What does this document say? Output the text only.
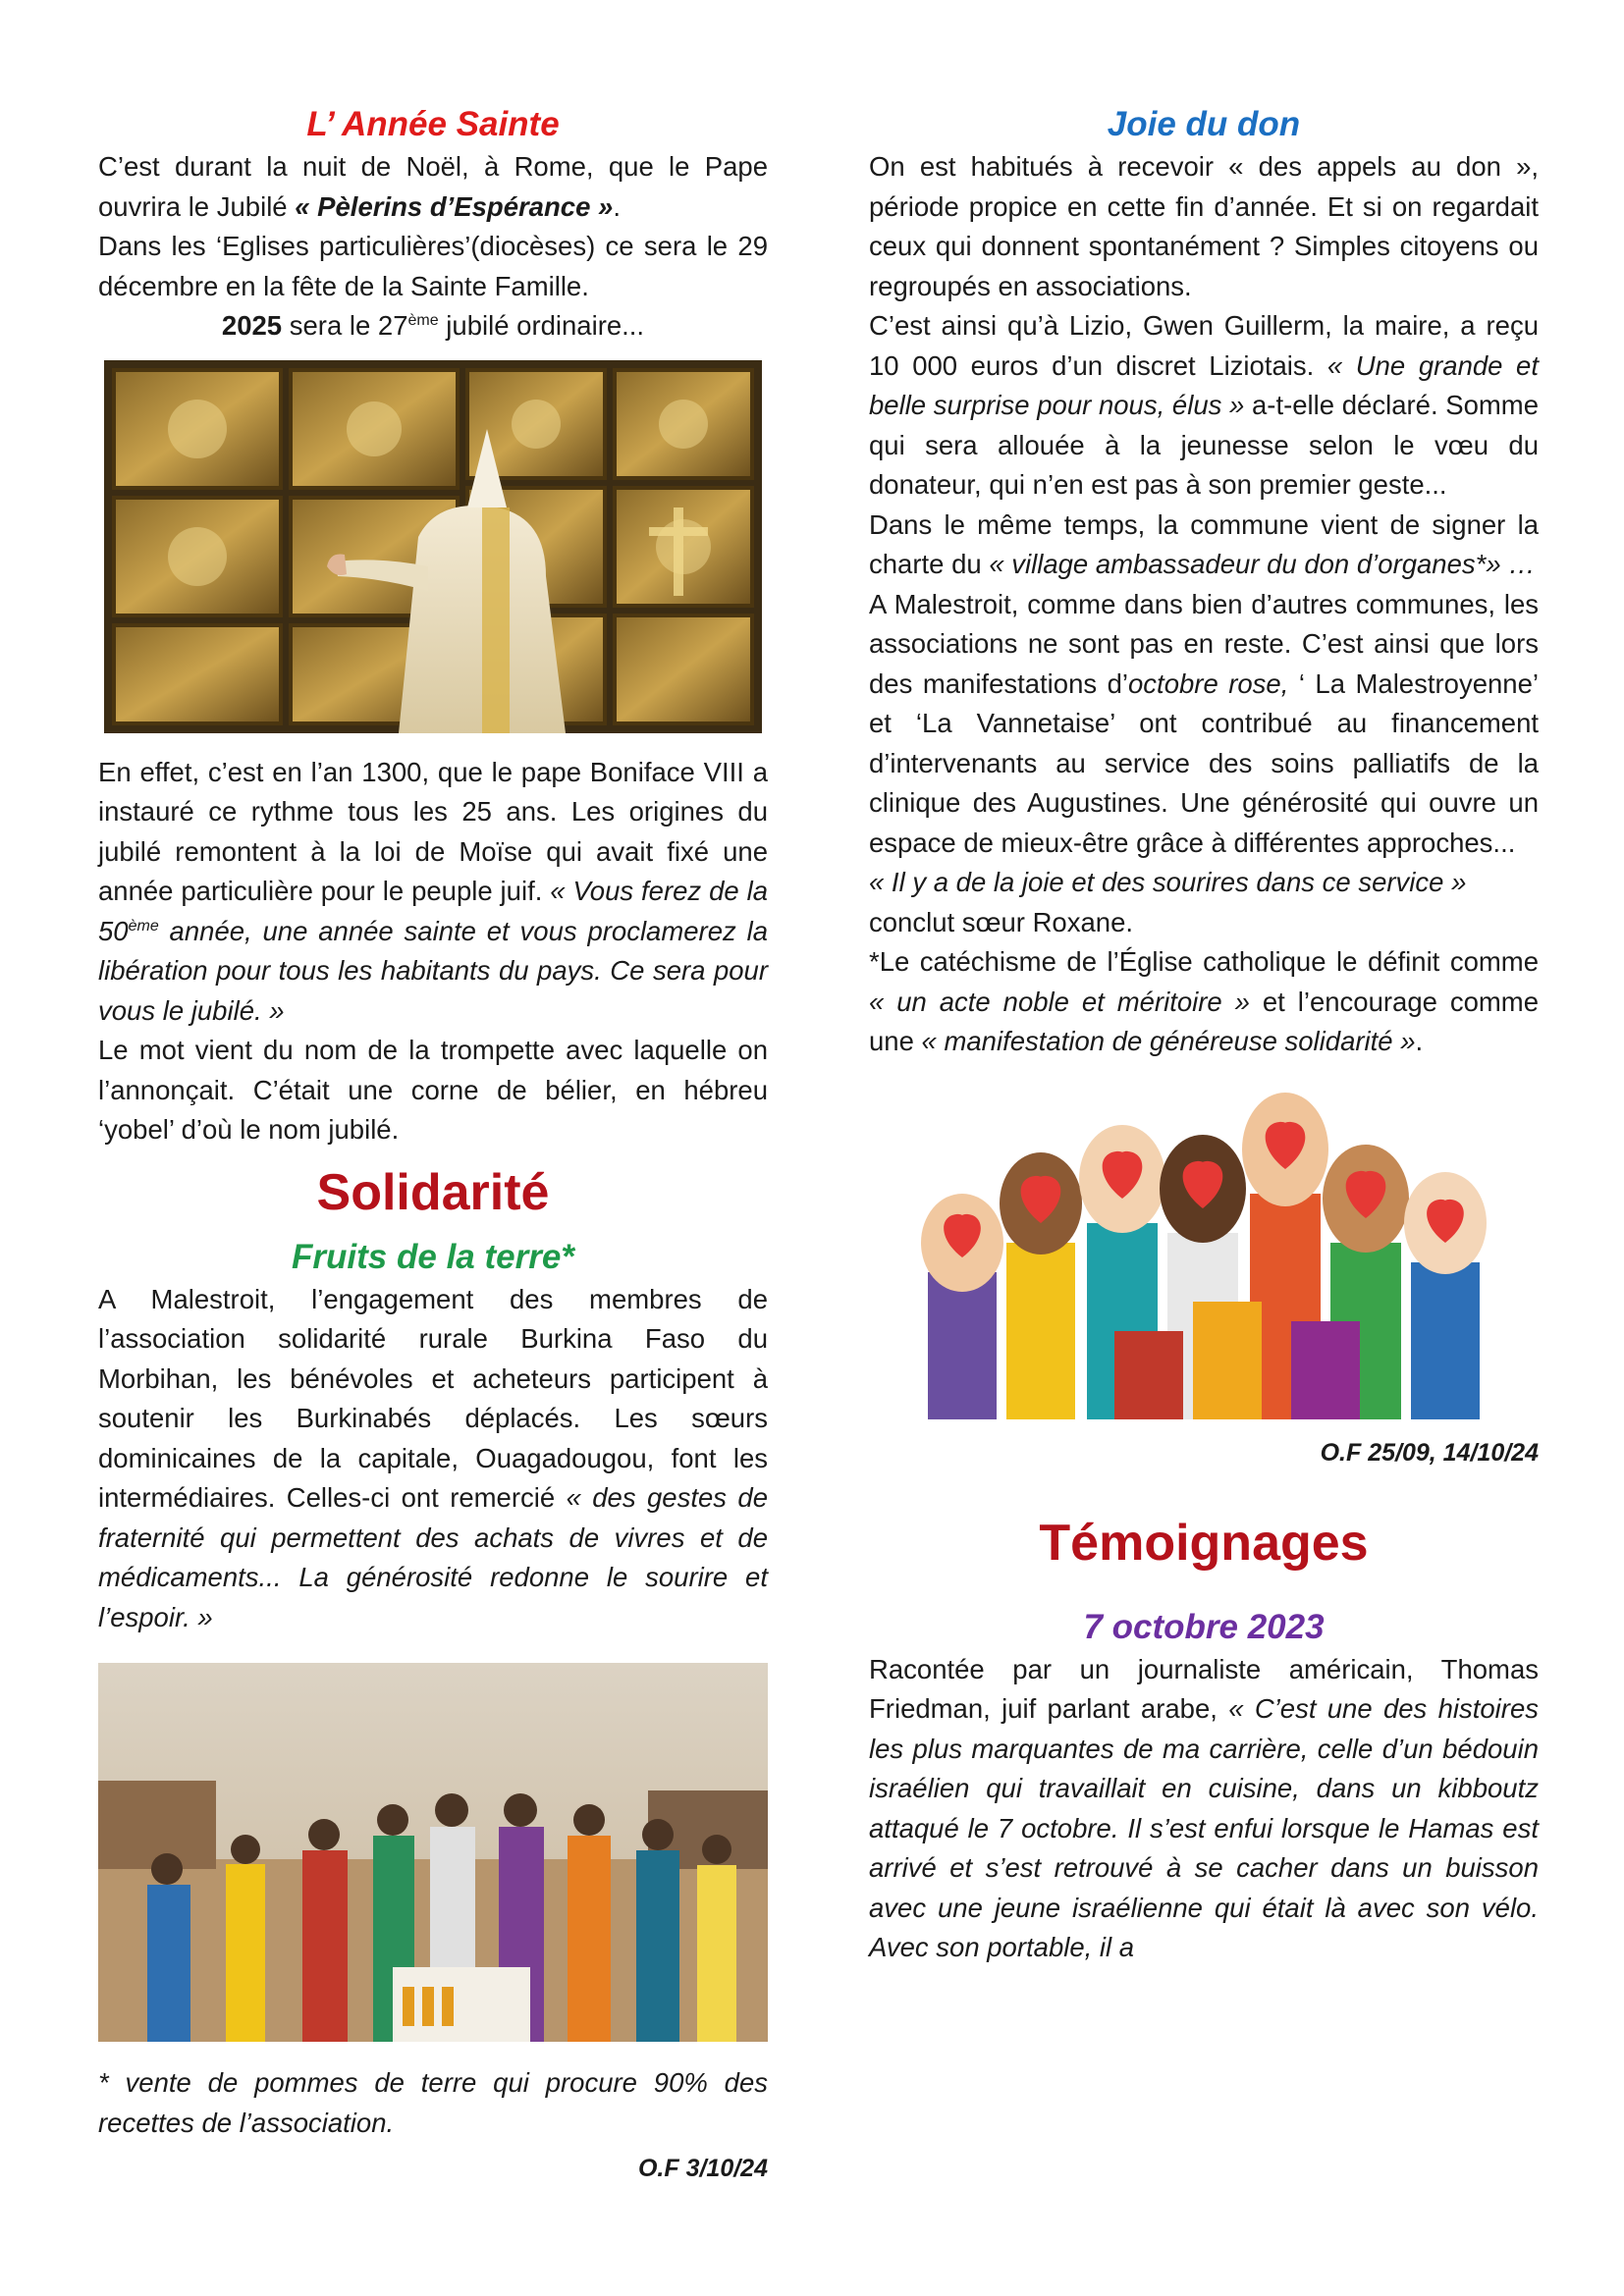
L’ Année Sainte

C’est durant la nuit de Noël, à Rome, que le Pape ouvrira le Jubilé « Pèlerins d’Espérance ».

Dans les ‘Eglises particulières’(diocèses) ce sera le 29 décembre en la fête de la Sainte Famille.

2025 sera le 27ème jubilé ordinaire...

En effet, c’est en l’an 1300, que le pape Boniface VIII a instauré ce rythme tous les 25 ans. Les origines du jubilé remontent à la loi de Moïse qui avait fixé une année particulière pour le peuple juif. « Vous ferez de la 50ème année, une année sainte et vous proclamerez la libération pour tous les habitants du pays. Ce sera pour vous le jubilé. »

Le mot vient du nom de la trompette avec laquelle on l’annonçait. C’était une corne de bélier, en hébreu ‘yobel’ d’où le nom jubilé.

Solidarité
Fruits de la terre*

A Malestroit, l’engagement des membres de l’association solidarité rurale Burkina Faso du Morbihan, les bénévoles et acheteurs participent à soutenir les Burkinabés déplacés. Les sœurs dominicaines de la capitale, Ouagadougou, font les intermédiaires. Celles-ci ont remercié « des gestes de fraternité qui permettent des achats de vivres et de médicaments... La générosité redonne le sourire et l’espoir. »

* vente de pommes de terre qui procure 90% des recettes de l’association.

O.F 3/10/24

Joie du don

On est habitués à recevoir « des appels au don », période propice en cette fin d’année. Et si on regardait ceux qui donnent spontanément ? Simples citoyens ou regroupés en associations.

C’est ainsi qu’à Lizio, Gwen Guillerm, la maire, a reçu 10 000 euros d’un discret Liziotais. « Une grande et belle surprise pour nous, élus » a-t-elle déclaré. Somme qui sera allouée à la jeunesse selon le vœu du donateur, qui n’en est pas à son premier geste...

Dans le même temps, la commune vient de signer la charte du « village ambassadeur du don d’organes*» …

A Malestroit, comme dans bien d’autres communes, les associations ne sont pas en reste. C’est ainsi que lors des manifestations d’octobre rose, ‘ La Malestroyenne’ et ‘La Vannetaise’ ont contribué au financement d’intervenants au service des soins palliatifs de la clinique des Augustines. Une générosité qui ouvre un espace de mieux-être grâce à différentes approches...

« Il y a de la joie et des sourires dans ce service »

conclut sœur Roxane.

*Le catéchisme de l’Église catholique le définit comme « un acte noble et méritoire » et l’encourage comme une « manifestation de généreuse solidarité ».

O.F 25/09, 14/10/24

Témoignages
7 octobre 2023

Racontée par un journaliste américain, Thomas Friedman, juif parlant arabe, « C’est une des histoires les plus marquantes de ma carrière, celle d’un bédouin israélien qui travaillait en cuisine, dans un kibboutz attaqué le 7 octobre. Il s’est enfui lorsque le Hamas est arrivé et s’est retrouvé à se cacher dans un buisson avec une jeune israélienne qui était là avec son vélo. Avec son portable, il a
